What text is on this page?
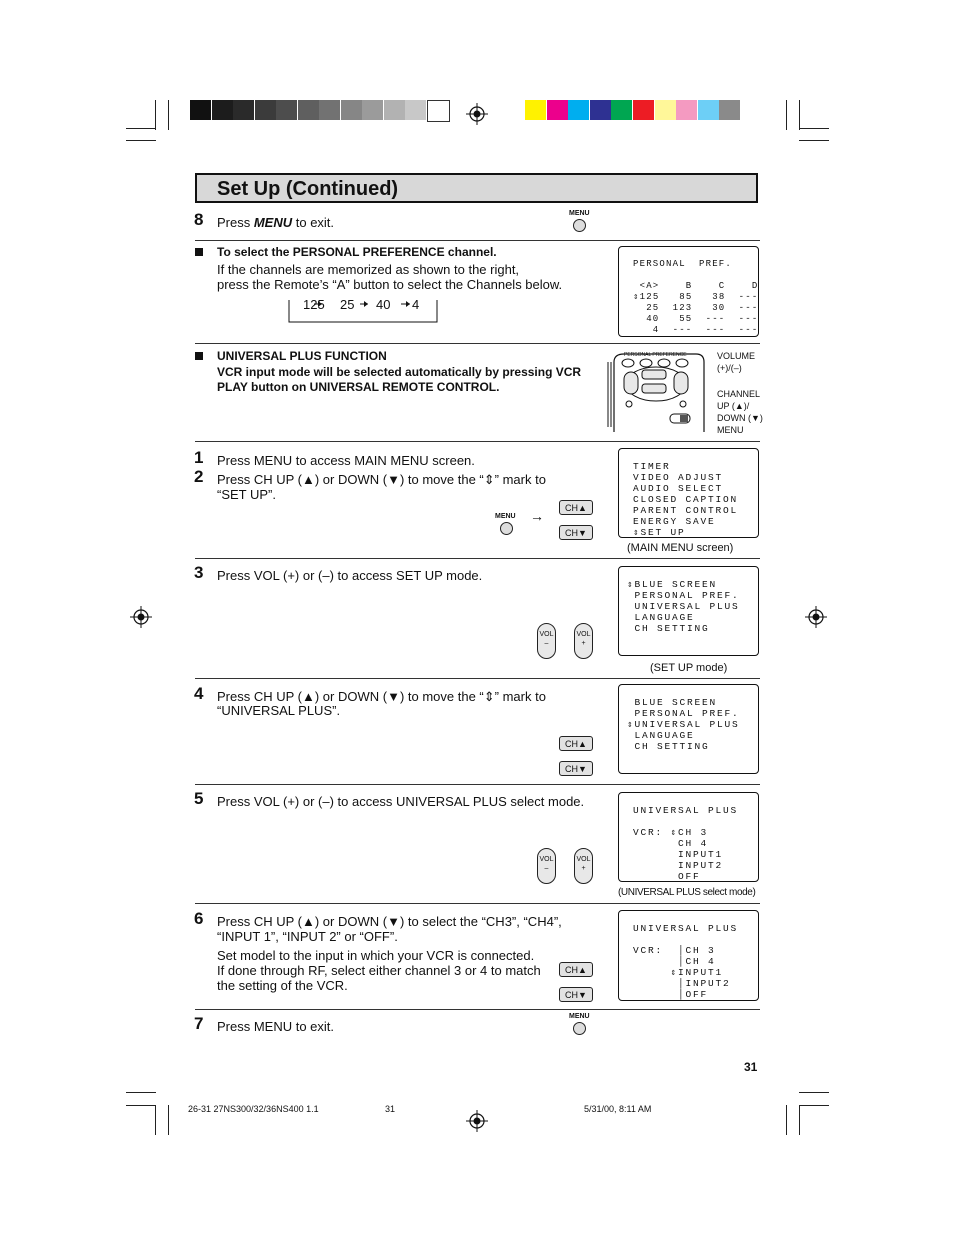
Set Up (Continued)
8 Press MENU to exit.
MENU
To select the PERSONAL PREFERENCE channel.
If the channels are memorized as shown to the right,
press the Remote’s “A” button to select the Channels below.
125 25 40 4
PERSONAL  PREF.

<A>    B    C    D
⇕125   85   38  ---
25  123   30  ---
40   55  ---  ---
4  ---  ---  ---
UNIVERSAL PLUS FUNCTION
VCR input mode will be selected automatically by pressing VCR PLAY button on UNIVERSAL REMOTE CONTROL.
PERSONAL PREFERENCE	VOLUME
(+)/(–)
CHANNEL
UP (▲)/
DOWN (▼)
MENU
1 Press MENU to access MAIN MENU screen.
2 Press CH UP (▲) or DOWN (▼) to move the “⇕” mark to
“SET UP”.
MENU →	CH▲
CH▼
TIMER
VIDEO ADJUST
AUDIO SELECT
CLOSED CAPTION
PARENT CONTROL
ENERGY SAVE
⇕SET UP
(MAIN MENU screen)
3 Press VOL (+) or (–) to access SET UP mode.
VOL
–
VOL
+
⇕BLUE SCREEN
PERSONAL PREF.
UNIVERSAL PLUS
LANGUAGE
CH SETTING
(SET UP mode)
4 Press CH UP (▲) or DOWN (▼) to move the “⇕” mark to
“UNIVERSAL PLUS”.
CH▲
CH▼
BLUE SCREEN
PERSONAL PREF.
⇕UNIVERSAL PLUS
LANGUAGE
CH SETTING
5 Press VOL (+) or (–) to access UNIVERSAL PLUS select mode.
VOL
–
VOL
+
UNIVERSAL PLUS

VCR: ⇕CH 3
CH 4
INPUT1
INPUT2
OFF
(UNIVERSAL PLUS select mode)
6 Press CH UP (▲) or DOWN (▼) to select the “CH3”, “CH4”,
“INPUT 1”, “INPUT 2” or “OFF”.
Set model to the input in which your VCR is connected.
If done through RF, select either channel 3 or 4 to match
the setting of the VCR.
CH▲
CH▼
UNIVERSAL PLUS

VCR:  │CH 3
│CH 4
⇕INPUT1
│INPUT2
│OFF
7 Press MENU to exit.
MENU
31
26-31 27NS300/32/36NS400 1.1	31	5/31/00, 8:11 AM
